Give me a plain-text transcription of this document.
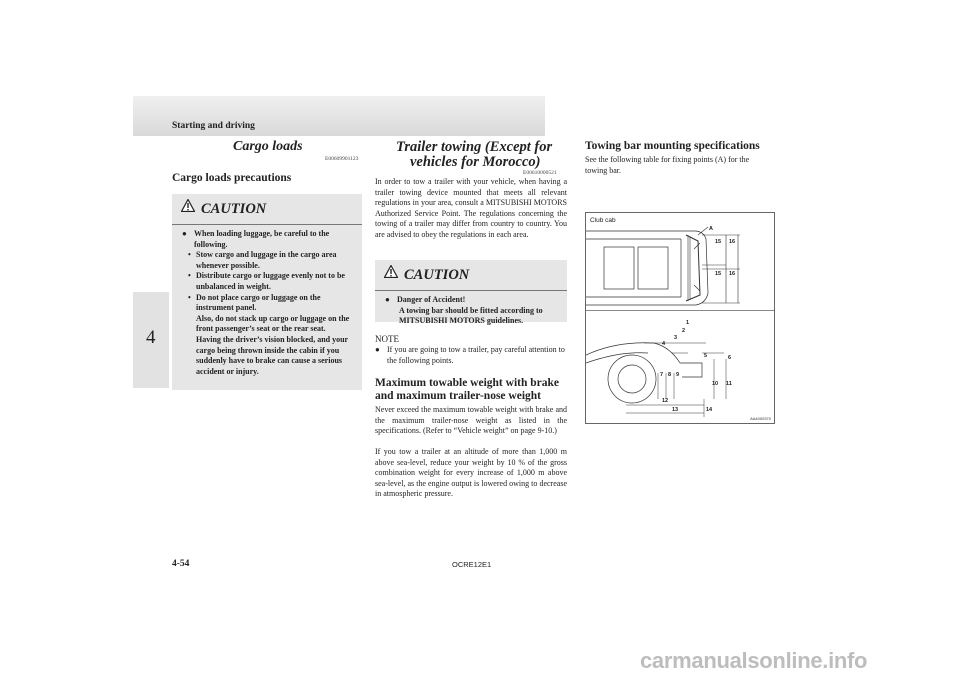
Starting and driving
4
Cargo loads
E00609901123
Cargo loads precautions
CAUTION
● When loading luggage, be careful to the following.
• Stow cargo and luggage in the cargo area whenever possible.
• Distribute cargo or luggage evenly not to be unbalanced in weight.
• Do not place cargo or luggage on the instrument panel.
Also, do not stack up cargo or luggage on the front passenger’s seat or the rear seat.
Having the driver’s vision blocked, and your cargo being thrown inside the cabin if you suddenly have to brake can cause a serious accident or injury.
Trailer towing (Except for
vehicles for Morocco)
E00610000521
In order to tow a trailer with your vehicle, when having a trailer towing device mounted that meets all relevant regulations in your area, consult a MITSUBISHI MOTORS Authorized Service Point. The regulations concerning the towing of a trailer may differ from country to country. You are advised to obey the regulations in each area.
CAUTION
● Danger of Accident!
A towing bar should be fitted according to MITSUBISHI MOTORS guidelines.
NOTE
● If you are going to tow a trailer, pay careful attention to the following points.
Maximum towable weight with brake
and maximum trailer-nose weight
Never exceed the maximum towable weight with brake and the maximum trailer-nose weight as listed in the specifications. (Refer to “Vehicle weight” on page 9-10.)
If you tow a trailer at an altitude of more than 1,000 m above sea-level, reduce your weight by 10 % of the gross combination weight for every increase of 1,000 m above sea-level, as the engine output is lowered owing to decrease in atmospheric pressure.
Towing bar mounting specifications
See the following table for fixing points (A) for the towing bar.
Club cab
A
15 16
15 16
1
2
3
4
5	6
7 8 9
10 11
12
13	14
AA4000370
4-54	OCRE12E1
carmanualsonline.info
